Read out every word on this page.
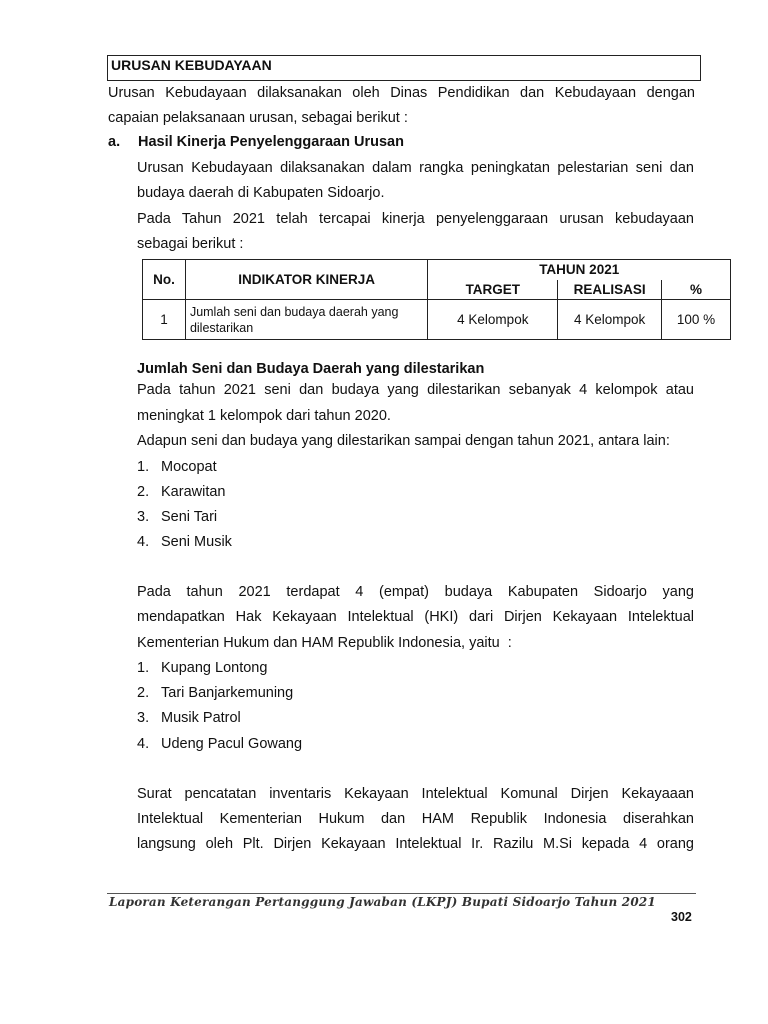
URUSAN KEBUDAYAAN
Urusan Kebudayaan dilaksanakan oleh Dinas Pendidikan dan Kebudayaan dengan
capaian pelaksanaan urusan, sebagai berikut :
a. Hasil Kinerja Penyelenggaraan Urusan
Urusan Kebudayaan dilaksanakan dalam rangka peningkatan pelestarian seni dan
budaya daerah di Kabupaten Sidoarjo.
Pada Tahun 2021 telah tercapai kinerja penyelenggaraan urusan kebudayaan
sebagai berikut :
No.	INDIKATOR KINERJA	TAHUN 2021		
		TARGET	REALISASI	%
1	Jumlah seni dan budaya daerah yang
dilestarikan	4 Kelompok	4 Kelompok	100 %
Jumlah Seni dan Budaya Daerah yang dilestarikan
Pada tahun 2021 seni dan budaya yang dilestarikan sebanyak 4 kelompok atau
meningkat 1 kelompok dari tahun 2020.
Adapun seni dan budaya yang dilestarikan sampai dengan tahun 2021, antara lain:
1. Mocopat
2. Karawitan
3. Seni Tari
4. Seni Musik
Pada tahun 2021 terdapat 4 (empat) budaya Kabupaten Sidoarjo yang
mendapatkan Hak Kekayaan Intelektual (HKI) dari Dirjen Kekayaan Intelektual
Kementerian Hukum dan HAM Republik Indonesia, yaitu  :
1. Kupang Lontong
2. Tari Banjarkemuning
3. Musik Patrol
4. Udeng Pacul Gowang
Surat pencatatan inventaris Kekayaan Intelektual Komunal Dirjen Kekayaaan
Intelektual Kementerian Hukum dan HAM Republik Indonesia diserahkan
langsung oleh Plt. Dirjen Kekayaan Intelektual Ir. Razilu M.Si kepada 4 orang
Laporan Keterangan Pertanggung Jawaban (LKPJ) Bupati Sidoarjo Tahun 2021
302
